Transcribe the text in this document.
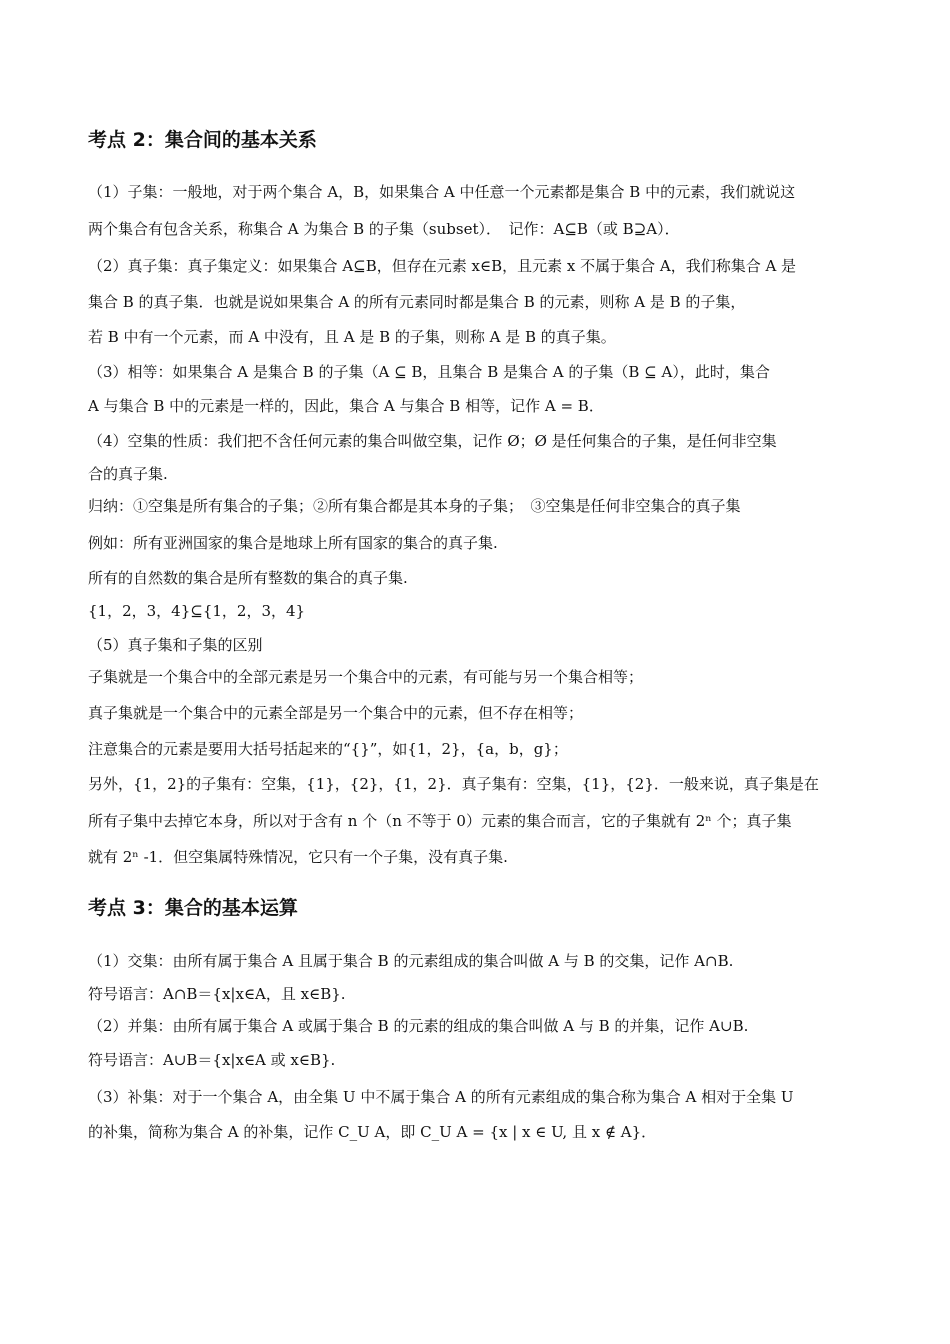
考点 2：集合间的基本关系
（1）子集：一般地，对于两个集合 A，B，如果集合 A 中任意一个元素都是集合 B 中的元素，我们就说这
两个集合有包含关系，称集合 A 为集合 B 的子集（subset）．　记作：A⊆B（或 B⊇A）．
（2）真子集：真子集定义：如果集合 A⊆B，但存在元素 x∈B，且元素 x 不属于集合 A，我们称集合 A 是
集合 B 的真子集．也就是说如果集合 A 的所有元素同时都是集合 B 的元素，则称 A 是 B 的子集，
若 B 中有一个元素，而 A 中没有，且 A 是 B 的子集，则称 A 是 B 的真子集。
（3）相等：如果集合 A 是集合 B 的子集（A ⊆ B，且集合 B 是集合 A 的子集（B ⊆ A），此时，集合
A 与集合 B 中的元素是一样的，因此，集合 A 与集合 B 相等，记作 A = B．
（4）空集的性质：我们把不含任何元素的集合叫做空集，记作 Ø；Ø 是任何集合的子集，是任何非空集
合的真子集.
归纳：①空集是所有集合的子集；②所有集合都是其本身的子集；　③空集是任何非空集合的真子集
例如：所有亚洲国家的集合是地球上所有国家的集合的真子集.
所有的自然数的集合是所有整数的集合的真子集.
{1，2，3，4}⊆{1，2，3，4}
（5）真子集和子集的区别
子集就是一个集合中的全部元素是另一个集合中的元素，有可能与另一个集合相等；
真子集就是一个集合中的元素全部是另一个集合中的元素，但不存在相等；
注意集合的元素是要用大括号括起来的“{}”，如{1，2}，{a，b，g}；
另外，{1，2}的子集有：空集，{1}，{2}，{1，2}．真子集有：空集，{1}，{2}．一般来说，真子集是在
所有子集中去掉它本身，所以对于含有 n 个（n 不等于 0）元素的集合而言，它的子集就有 2ⁿ 个；真子集
就有 2ⁿ -1．但空集属特殊情况，它只有一个子集，没有真子集.
考点 3：集合的基本运算
（1）交集：由所有属于集合 A 且属于集合 B 的元素组成的集合叫做 A 与 B 的交集，记作 A∩B.
符号语言：A∩B＝{x|x∈A，且 x∈B}.
（2）并集：由所有属于集合 A 或属于集合 B 的元素的组成的集合叫做 A 与 B 的并集，记作 A∪B.
符号语言：A∪B＝{x|x∈A 或 x∈B}.
（3）补集：对于一个集合 A，由全集 U 中不属于集合 A 的所有元素组成的集合称为集合 A 相对于全集 U
的补集，简称为集合 A 的补集，记作 C_U A，即 C_U A = {x | x ∈ U, 且 x ∉ A}．
